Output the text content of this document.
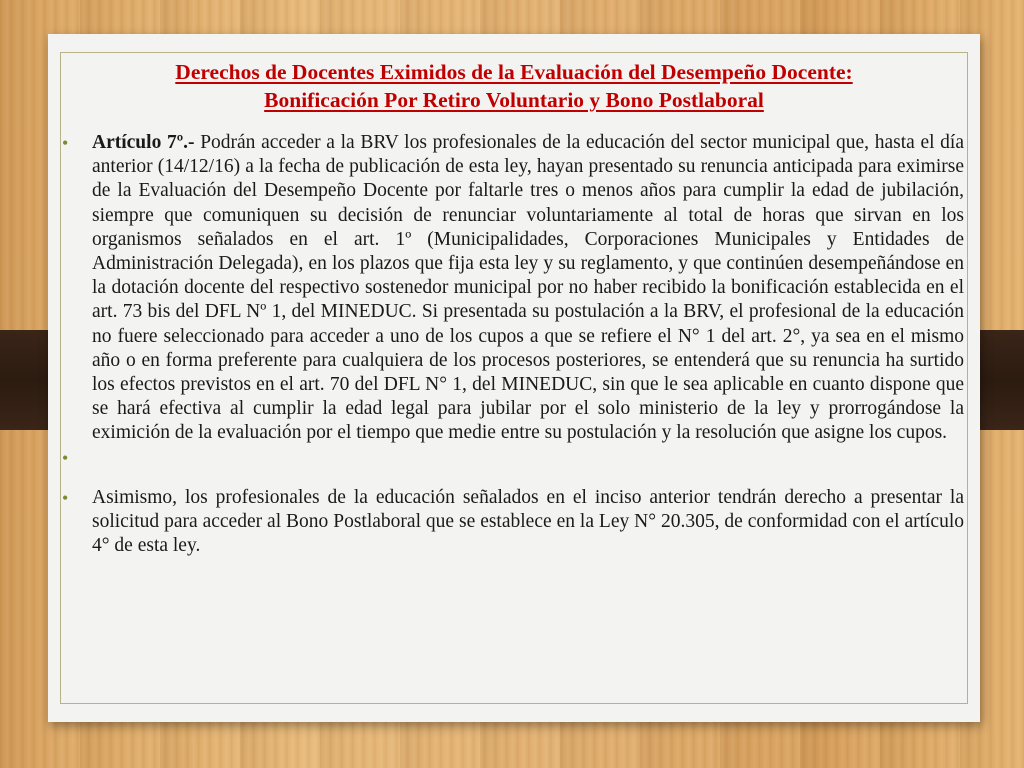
Derechos de Docentes Eximidos de la Evaluación del Desempeño Docente:
Bonificación Por Retiro Voluntario y Bono Postlaboral
•	Artículo 7º.- Podrán acceder a la BRV los profesionales de la educación del sector municipal que, hasta el día anterior (14/12/16) a la fecha de publicación de esta ley, hayan presentado su renuncia anticipada para eximirse de la Evaluación del Desempeño Docente por faltarle tres o menos años para cumplir la edad de jubilación, siempre que comuniquen su decisión de renunciar voluntariamente al total de horas que sirvan en los organismos señalados en el art. 1º (Municipalidades, Corporaciones Municipales y Entidades de Administración Delegada), en los plazos que fija esta ley y su reglamento, y que continúen desempeñándose en la dotación docente del respectivo sostenedor municipal por no haber recibido la bonificación establecida en el art. 73 bis del DFL Nº 1, del MINEDUC. Si presentada su postulación a la BRV, el profesional de la educación no fuere seleccionado para acceder a uno de los cupos a que se refiere el N° 1 del art. 2°, ya sea en el mismo año o en forma preferente para cualquiera de los procesos posteriores, se entenderá que su renuncia ha surtido los efectos previstos en el art. 70 del DFL N° 1, del MINEDUC, sin que le sea aplicable en cuanto dispone que se hará efectiva al cumplir la edad legal para jubilar por el solo ministerio de la ley y prorrogándose la eximición de la evaluación por el tiempo que medie entre su postulación y la resolución que asigne los cupos.
•
•	Asimismo, los profesionales de la educación señalados en el inciso anterior tendrán derecho a presentar la solicitud para acceder al Bono Postlaboral que se establece en la Ley N° 20.305, de conformidad con el artículo 4° de esta ley.
